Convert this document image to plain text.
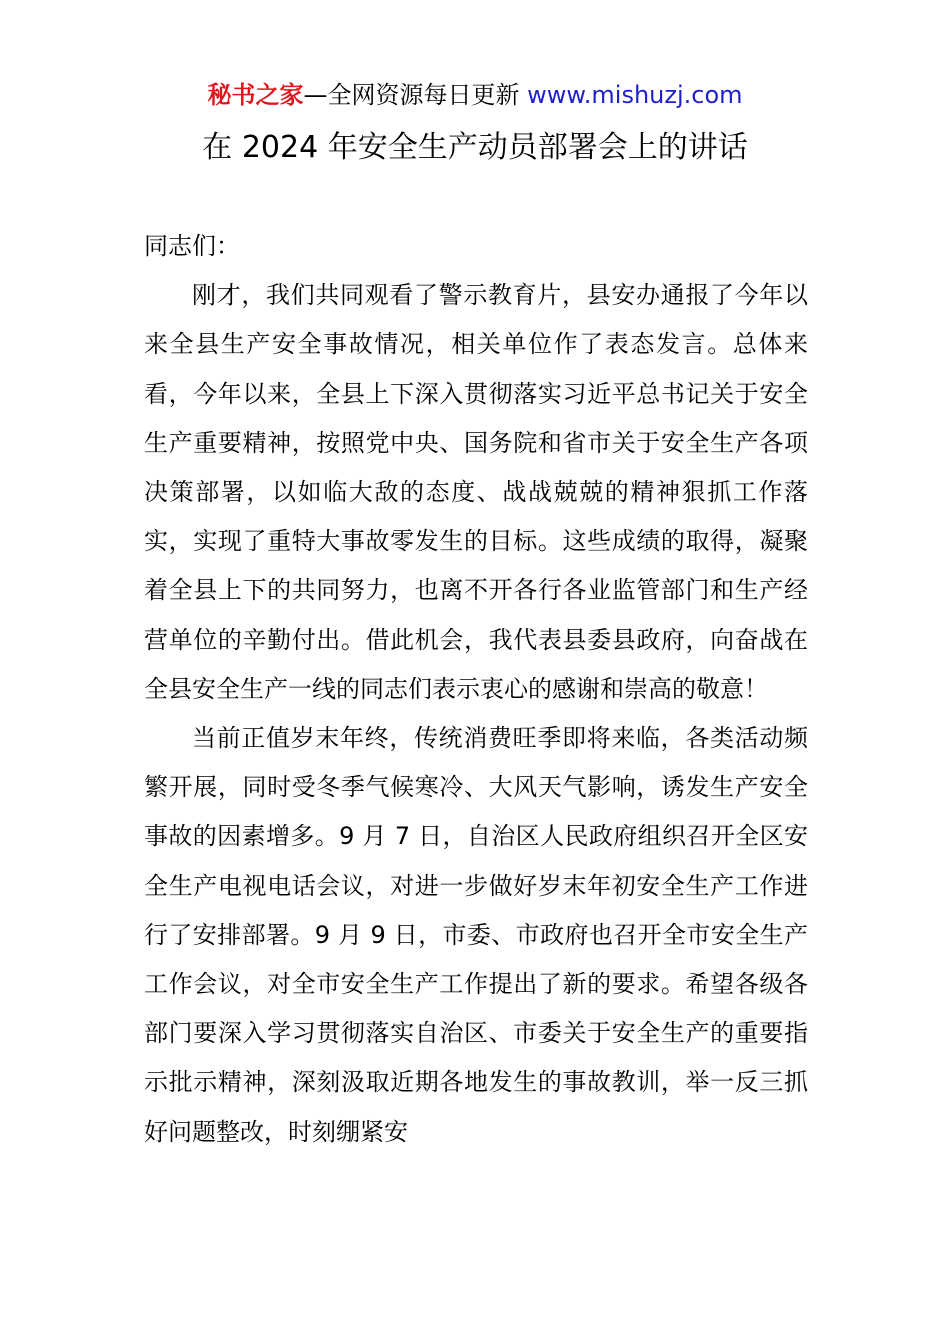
秘书之家—全网资源每日更新 www.mishuzj.com
在 2024 年安全生产动员部署会上的讲话

同志们：

刚才，我们共同观看了警示教育片，县安办通报了今年以来全县生产安全事故情况，相关单位作了表态发言。总体来看，今年以来，全县上下深入贯彻落实习近平总书记关于安全生产重要精神，按照党中央、国务院和省市关于安全生产各项决策部署，以如临大敌的态度、战战兢兢的精神狠抓工作落实，实现了重特大事故零发生的目标。这些成绩的取得，凝聚着全县上下的共同努力，也离不开各行各业监管部门和生产经营单位的辛勤付出。借此机会，我代表县委县政府，向奋战在全县安全生产一线的同志们表示衷心的感谢和崇高的敬意！

当前正值岁末年终，传统消费旺季即将来临，各类活动频繁开展，同时受冬季气候寒冷、大风天气影响，诱发生产安全事故的因素增多。9 月 7 日，自治区人民政府组织召开全区安全生产电视电话会议，对进一步做好岁末年初安全生产工作进行了安排部署。9 月 9 日，市委、市政府也召开全市安全生产工作会议，对全市安全生产工作提出了新的要求。希望各级各部门要深入学习贯彻落实自治区、市委关于安全生产的重要指示批示精神，深刻汲取近期各地发生的事故教训，举一反三抓好问题整改，时刻绷紧安
